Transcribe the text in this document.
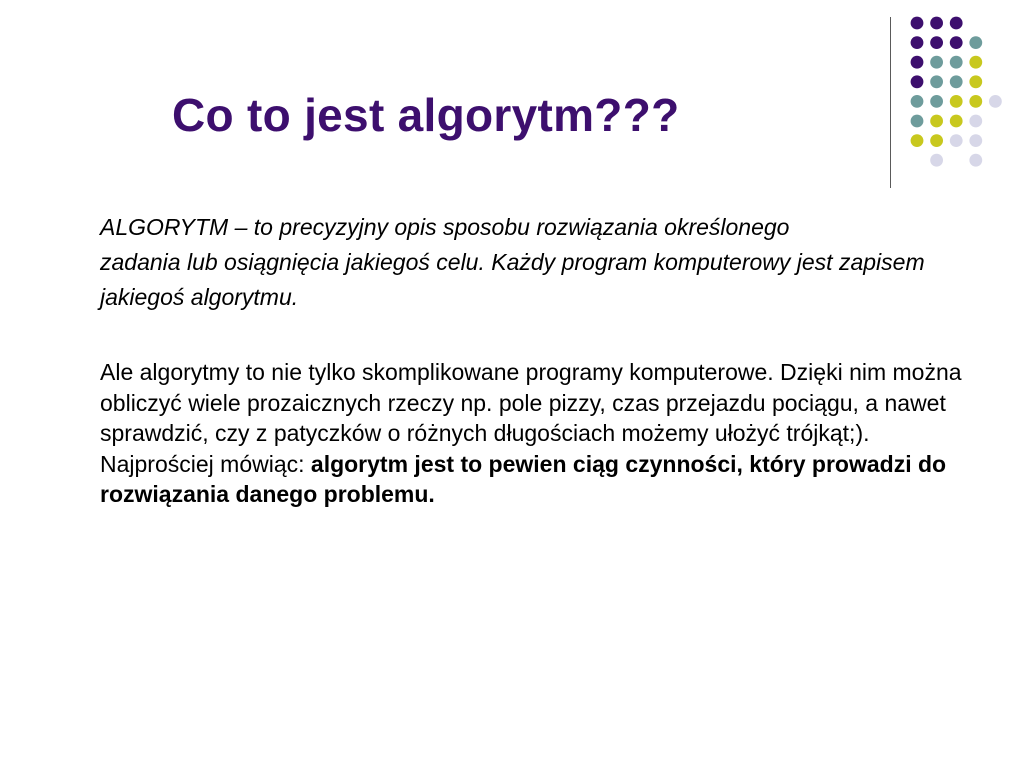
Co to jest algorytm???

ALGORYTM – to precyzyjny opis sposobu rozwiązania określonego
zadania lub osiągnięcia jakiegoś celu. Każdy program komputerowy jest zapisem jakiegoś algorytmu.

Ale algorytmy to nie tylko skomplikowane programy komputerowe. Dzięki nim można obliczyć wiele prozaicznych rzeczy np. pole pizzy, czas przejazdu pociągu, a nawet sprawdzić, czy z patyczków o różnych długościach możemy ułożyć trójkąt;). Najprościej mówiąc: algorytm jest to pewien ciąg czynności, który prowadzi do rozwiązania danego problemu.
